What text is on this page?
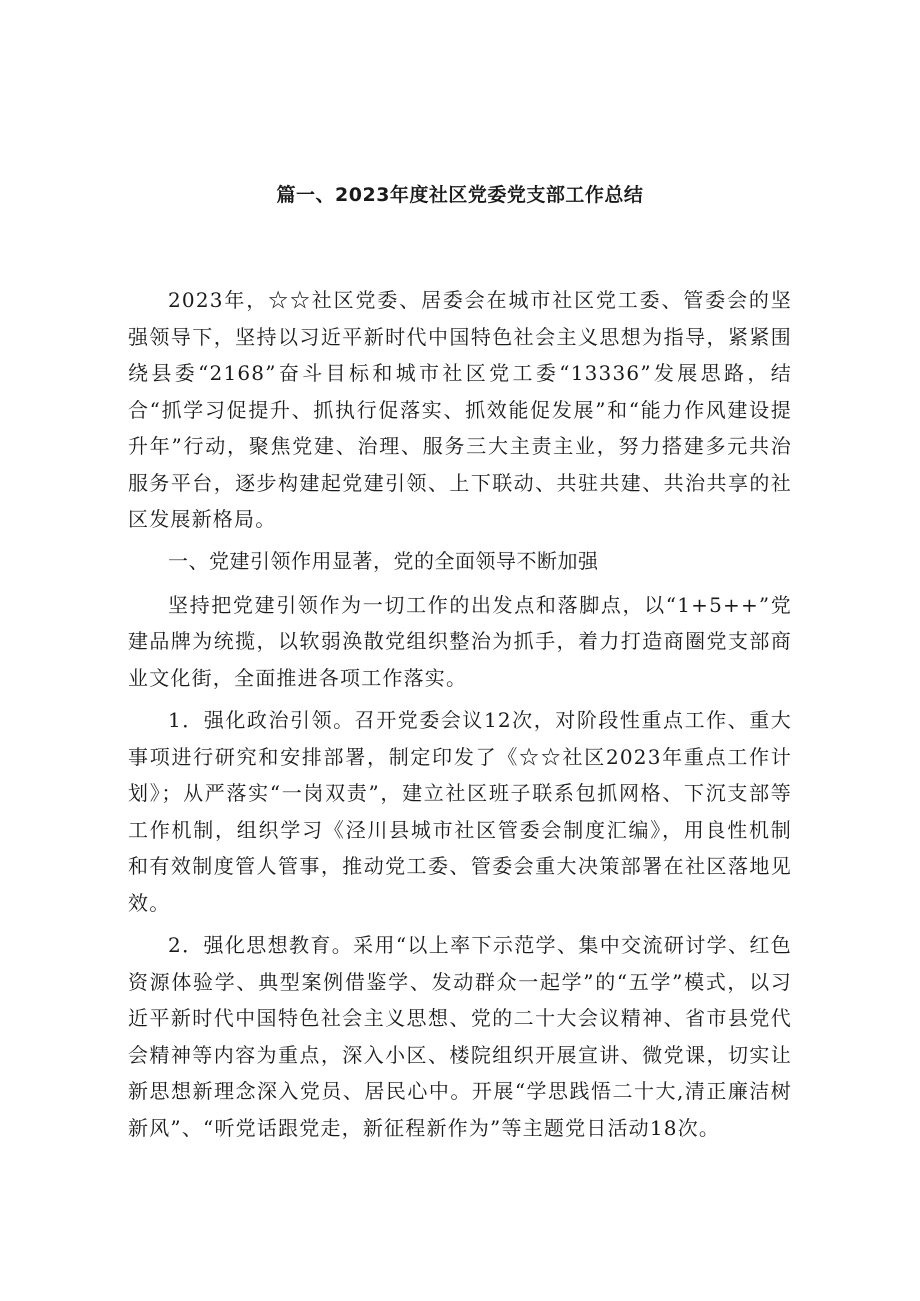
篇一、2023年度社区党委党支部工作总结

2023年，☆☆社区党委、居委会在城市社区党工委、管委会的坚强领导下，坚持以习近平新时代中国特色社会主义思想为指导，紧紧围绕县委“2168”奋斗目标和城市社区党工委“13336”发展思路，结合“抓学习促提升、抓执行促落实、抓效能促发展”和“能力作风建设提升年”行动，聚焦党建、治理、服务三大主责主业，努力搭建多元共治服务平台，逐步构建起党建引领、上下联动、共驻共建、共治共享的社区发展新格局。

一、党建引领作用显著，党的全面领导不断加强

坚持把党建引领作为一切工作的出发点和落脚点，以“1+5++”党建品牌为统揽，以软弱涣散党组织整治为抓手，着力打造商圈党支部商业文化街，全面推进各项工作落实。

1．强化政治引领。召开党委会议12次，对阶段性重点工作、重大事项进行研究和安排部署，制定印发了《☆☆社区2023年重点工作计划》；从严落实“一岗双责”，建立社区班子联系包抓网格、下沉支部等工作机制，组织学习《泾川县城市社区管委会制度汇编》，用良性机制和有效制度管人管事，推动党工委、管委会重大决策部署在社区落地见效。

2．强化思想教育。采用“以上率下示范学、集中交流研讨学、红色资源体验学、典型案例借鉴学、发动群众一起学”的“五学”模式，以习近平新时代中国特色社会主义思想、党的二十大会议精神、省市县党代会精神等内容为重点，深入小区、楼院组织开展宣讲、微党课，切实让新思想新理念深入党员、居民心中。开展“学思践悟二十大,清正廉洁树新风”、“听党话跟党走，新征程新作为”等主题党日活动18次。
